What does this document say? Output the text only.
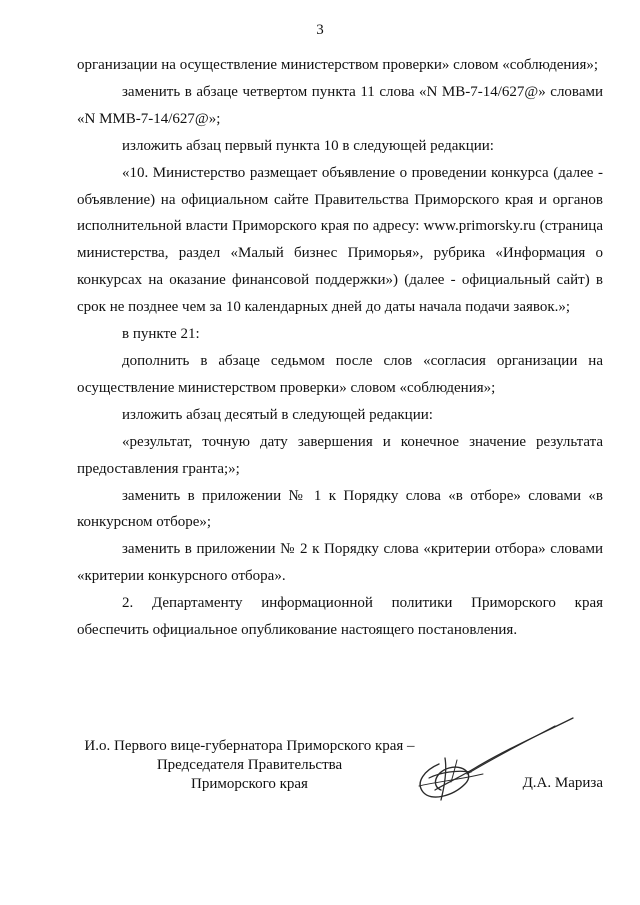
3

организации на осуществление министерством проверки» словом «соблюдения»;

заменить в абзаце четвертом пункта 11 слова «N МВ-7-14/627@» словами «N ММВ-7-14/627@»;

изложить абзац первый пункта 10 в следующей редакции:

«10. Министерство размещает объявление о проведении конкурса (далее - объявление) на официальном сайте Правительства Приморского края и органов исполнительной власти Приморского края по адресу: www.primorsky.ru (страница министерства, раздел «Малый бизнес Приморья», рубрика «Информация о конкурсах на оказание финансовой поддержки») (далее - официальный сайт) в срок не позднее чем за 10 календарных дней до даты начала подачи заявок.»;

в пункте 21:

дополнить в абзаце седьмом после слов «согласия организации на осуществление министерством проверки» словом «соблюдения»;

изложить абзац десятый в следующей редакции:

«результат, точную дату завершения и конечное значение результата предоставления гранта;»;

заменить в приложении № 1 к Порядку слова «в отборе» словами «в конкурсном отборе»;

заменить в приложении № 2 к Порядку слова «критерии отбора» словами «критерии конкурсного отбора».

2. Департаменту информационной политики Приморского края обеспечить официальное опубликование настоящего постановления.

И.о. Первого вице-губернатора Приморского края –
Председателя Правительства
Приморского края	Д.А. Мариза
